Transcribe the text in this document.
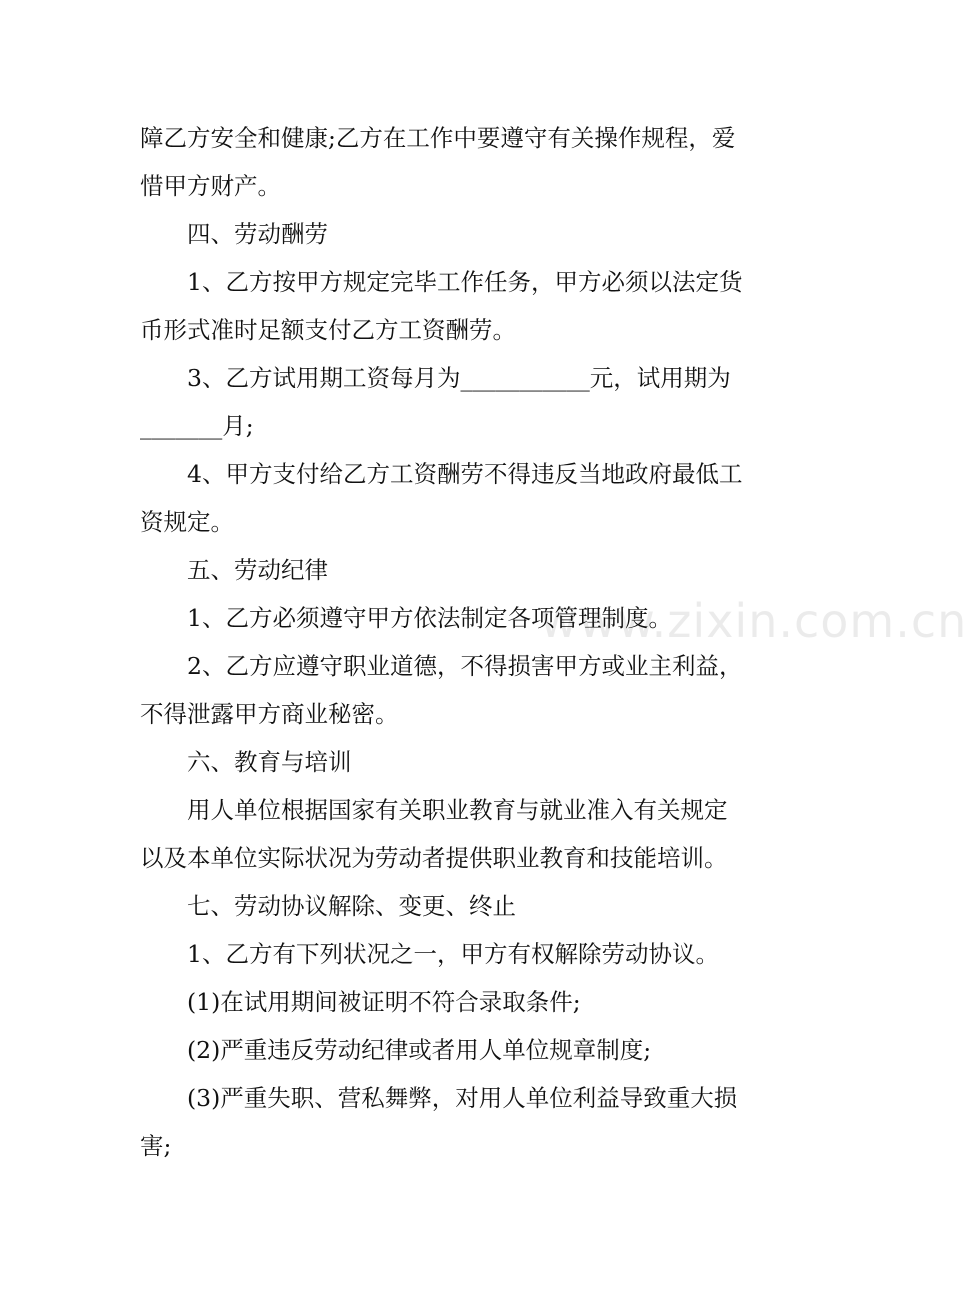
障乙方安全和健康;乙方在工作中要遵守有关操作规程，爱
惜甲方财产。
　　四、劳动酬劳
　　1、乙方按甲方规定完毕工作任务，甲方必须以法定货
币形式准时足额支付乙方工资酬劳。
　　3、乙方试用期工资每月为___________元，试用期为
_______月;
　　4、甲方支付给乙方工资酬劳不得违反当地政府最低工
资规定。
　　五、劳动纪律
　　1、乙方必须遵守甲方依法制定各项管理制度。
　　2、乙方应遵守职业道德，不得损害甲方或业主利益，
不得泄露甲方商业秘密。
　　六、教育与培训
　　用人单位根据国家有关职业教育与就业准入有关规定
以及本单位实际状况为劳动者提供职业教育和技能培训。
　　七、劳动协议解除、变更、终止
　　1、乙方有下列状况之一，甲方有权解除劳动协议。
　　(1)在试用期间被证明不符合录取条件;
　　(2)严重违反劳动纪律或者用人单位规章制度;
　　(3)严重失职、营私舞弊，对用人单位利益导致重大损
害;
www.zixin.com.cn
